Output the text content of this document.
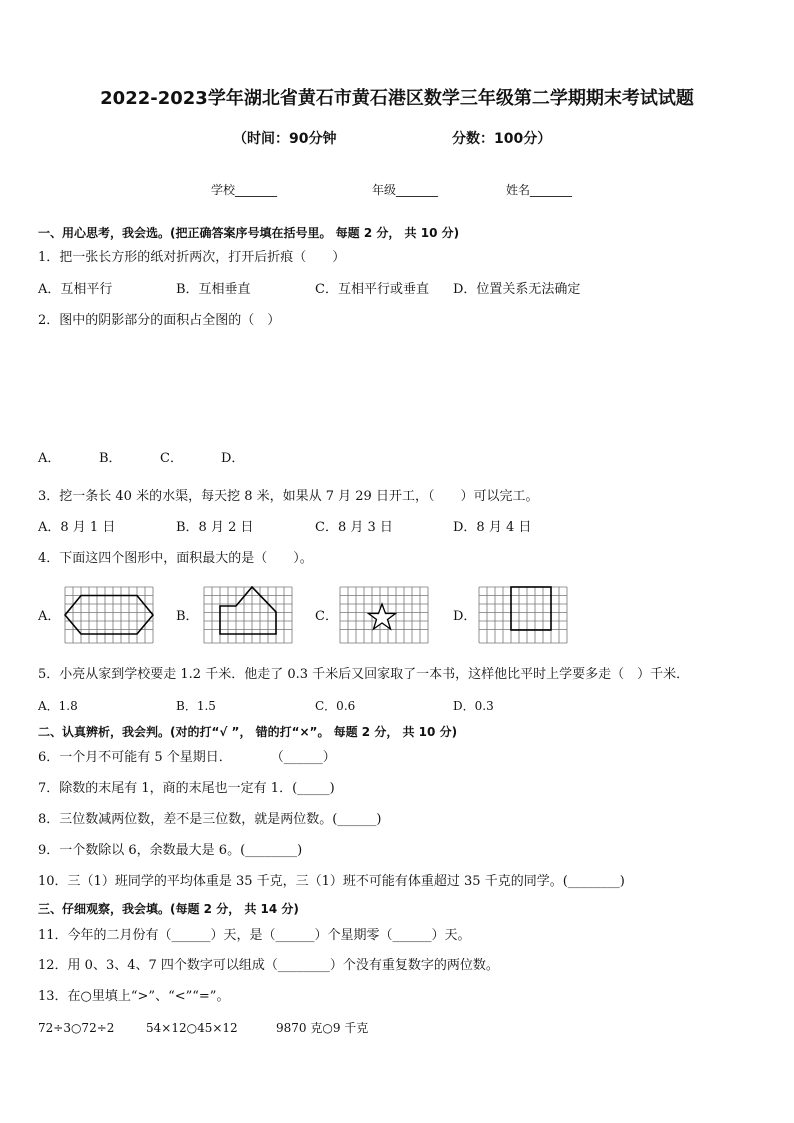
2022-2023学年湖北省黄石市黄石港区数学三年级第二学期期末考试试题
（时间：90分钟	分数：100分）
学校_______	年级_______	姓名_______
一、用心思考，我会选。(把正确答案序号填在括号里。 每题 2 分， 共 10 分)
1．把一张长方形的纸对折两次，打开后折痕（　　）
A．互相平行	B．互相垂直	C．互相平行或垂直 D．位置关系无法确定
2．图中的阴影部分的面积占全图的（　）
A．	B．	C．	D．
3．挖一条长 40 米的水渠，每天挖 8 米，如果从 7 月 29 日开工，（　　）可以完工。
A．8 月 1 日	B．8 月 2 日	C．8 月 3 日	D．8 月 4 日
4．下面这四个图形中，面积最大的是（　　）。
A．	B．	C．	D．
5．小亮从家到学校要走 1.2 千米．他走了 0.3 千米后又回家取了一本书，这样他比平时上学要多走（　）千米．
A．1.8	B．1.5	C．0.6	D．0.3
二、认真辨析，我会判。(对的打“√ ”， 错的打“×”。 每题 2 分， 共 10 分)
6．一个月不可能有 5 个星期日．　　　　（______）
7．除数的末尾有 1，商的末尾也一定有 1．(_____)
8．三位数减两位数，差不是三位数，就是两位数。(______)
9．一个数除以 6，余数最大是 6。(________)
10．三（1）班同学的平均体重是 35 千克，三（1）班不可能有体重超过 35 千克的同学。(________)
三、仔细观察，我会填。(每题 2 分， 共 14 分)
11．今年的二月份有（______）天，是（______）个星期零（______）天。
12．用 0、3、4、7 四个数字可以组成（________）个没有重复数字的两位数。
13．在○里填上“>”、“<”“=”。
72÷3○72÷2	54×12○45×12	9870 克○9 千克
